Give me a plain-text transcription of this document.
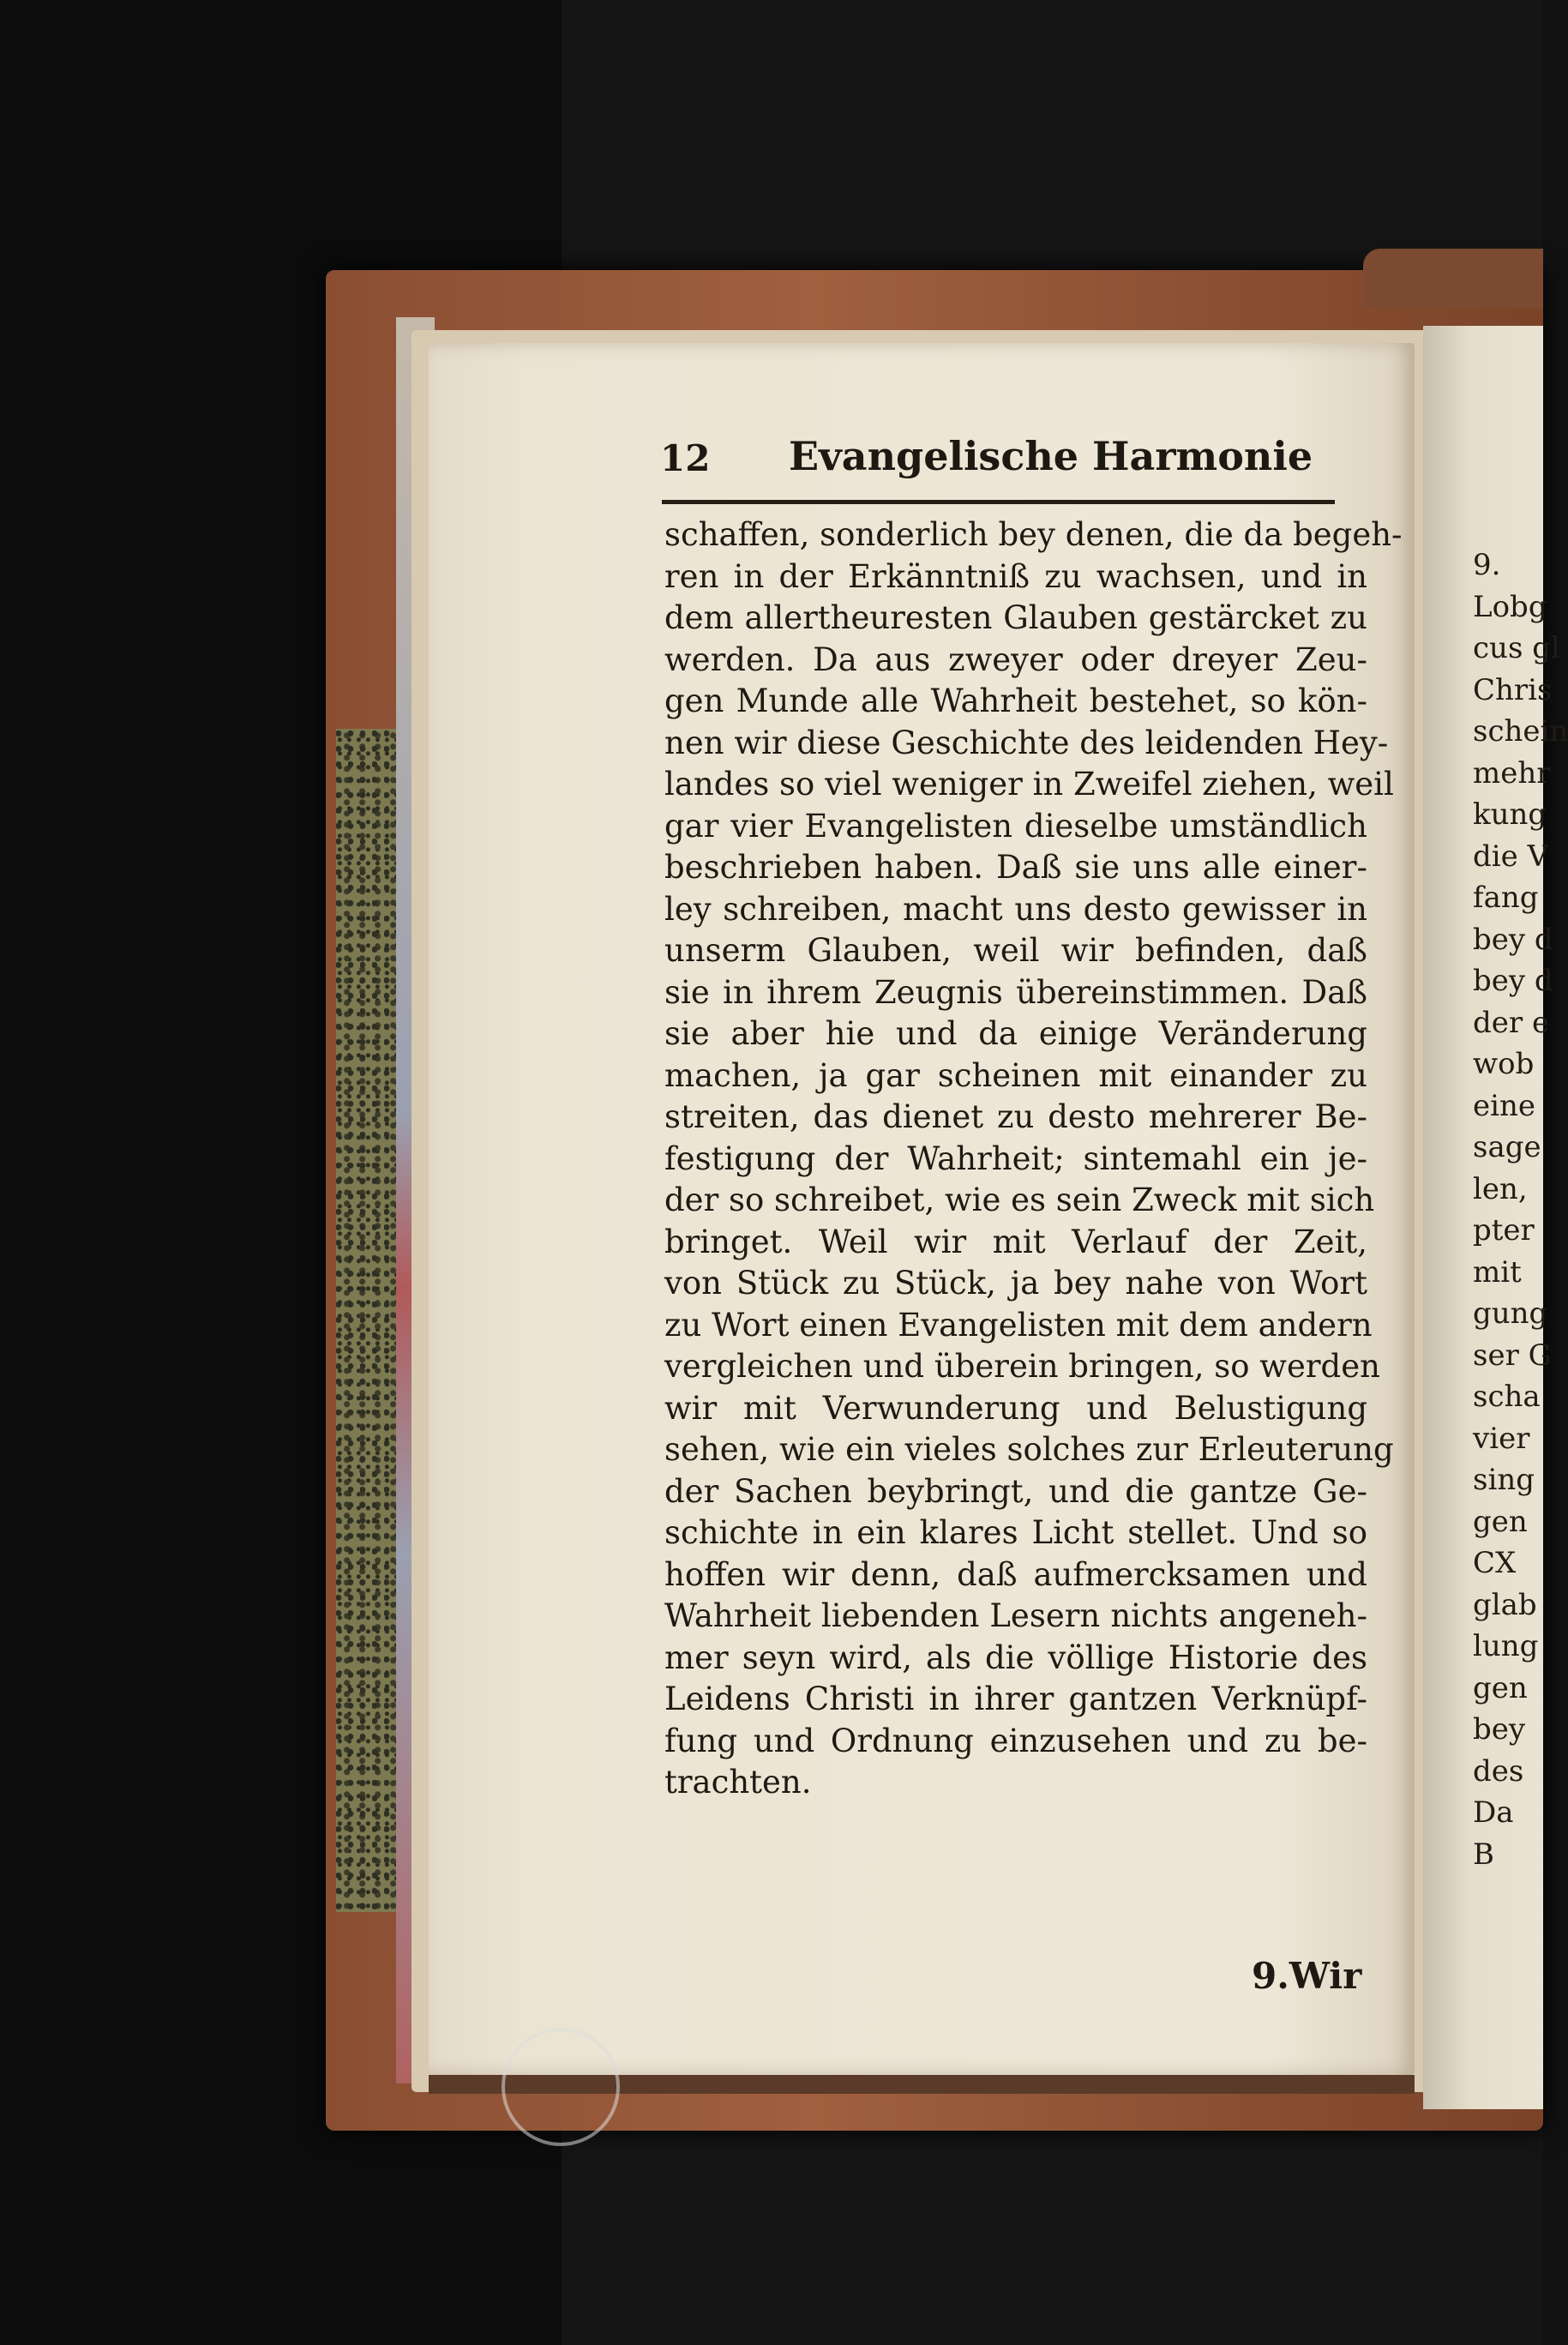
12 Evangelische Harmonie
schaffen, sonderlich bey denen, die da begeh-
ren in der Erkänntniß zu wachsen, und in
dem allertheuresten Glauben gestärcket zu
werden. Da aus zweyer oder dreyer Zeu-
gen Munde alle Wahrheit bestehet, so kön-
nen wir diese Geschichte des leidenden Hey-
landes so viel weniger in Zweifel ziehen, weil
gar vier Evangelisten dieselbe umständlich
beschrieben haben. Daß sie uns alle einer-
ley schreiben, macht uns desto gewisser in
unserm Glauben, weil wir befinden, daß
sie in ihrem Zeugnis übereinstimmen. Daß
sie aber hie und da einige Veränderung
machen, ja gar scheinen mit einander zu
streiten, das dienet zu desto mehrerer Be-
festigung der Wahrheit; sintemahl ein je-
der so schreibet, wie es sein Zweck mit sich
bringet. Weil wir mit Verlauf der Zeit,
von Stück zu Stück, ja bey nahe von Wort
zu Wort einen Evangelisten mit dem andern
vergleichen und überein bringen, so werden
wir mit Verwunderung und Belustigung
sehen, wie ein vieles solches zur Erleuterung
der Sachen beybringt, und die gantze Ge-
schichte in ein klares Licht stellet. Und so
hoffen wir denn, daß aufmercksamen und
Wahrheit liebenden Lesern nichts angeneh-
mer seyn wird, als die völlige Historie des
Leidens Christi in ihrer gantzen Verknüpf-
fung und Ordnung einzusehen und zu be-
trachten.
9.Wir
9.
Lobg
cus gl
Chris
schein
mehr
kung
die V
fang
bey d
bey d
der e
wob
eine
sage
len,
pter
mit
gung
ser G
scha
vier
sing
gen
CX
glab
lung
gen
bey
des
Da
B
